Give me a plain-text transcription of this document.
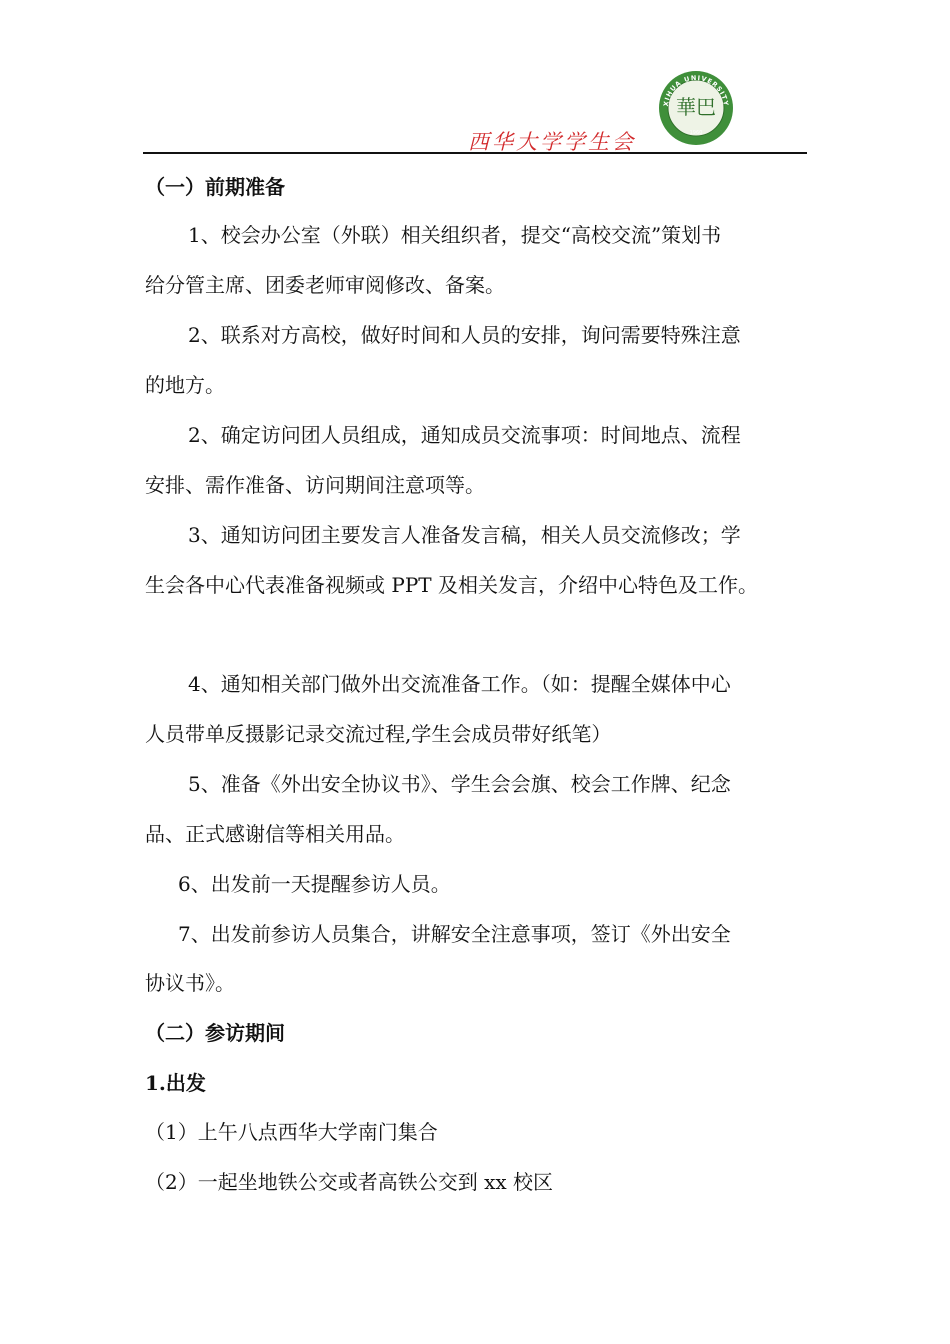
西华大学学生会
XIHUA UNIVERSITY
華巴
1960
（一）前期准备
1、校会办公室（外联）相关组织者，提交“高校交流”策划书
给分管主席、团委老师审阅修改、备案。
2、联系对方高校，做好时间和人员的安排，询问需要特殊注意
的地方。
2、确定访问团人员组成，通知成员交流事项：时间地点、流程
安排、需作准备、访问期间注意项等。
3、通知访问团主要发言人准备发言稿，相关人员交流修改；学
生会各中心代表准备视频或 PPT 及相关发言，介绍中心特色及工作。
4、通知相关部门做外出交流准备工作。（如：提醒全媒体中心
人员带单反摄影记录交流过程,学生会成员带好纸笔）
5、准备《外出安全协议书》、学生会会旗、校会工作牌、纪念
品、正式感谢信等相关用品。
6、出发前一天提醒参访人员。
7、出发前参访人员集合，讲解安全注意事项，签订《外出安全
协议书》。
（二）参访期间
1.出发
（1）上午八点西华大学南门集合
（2）一起坐地铁公交或者高铁公交到 xx 校区
